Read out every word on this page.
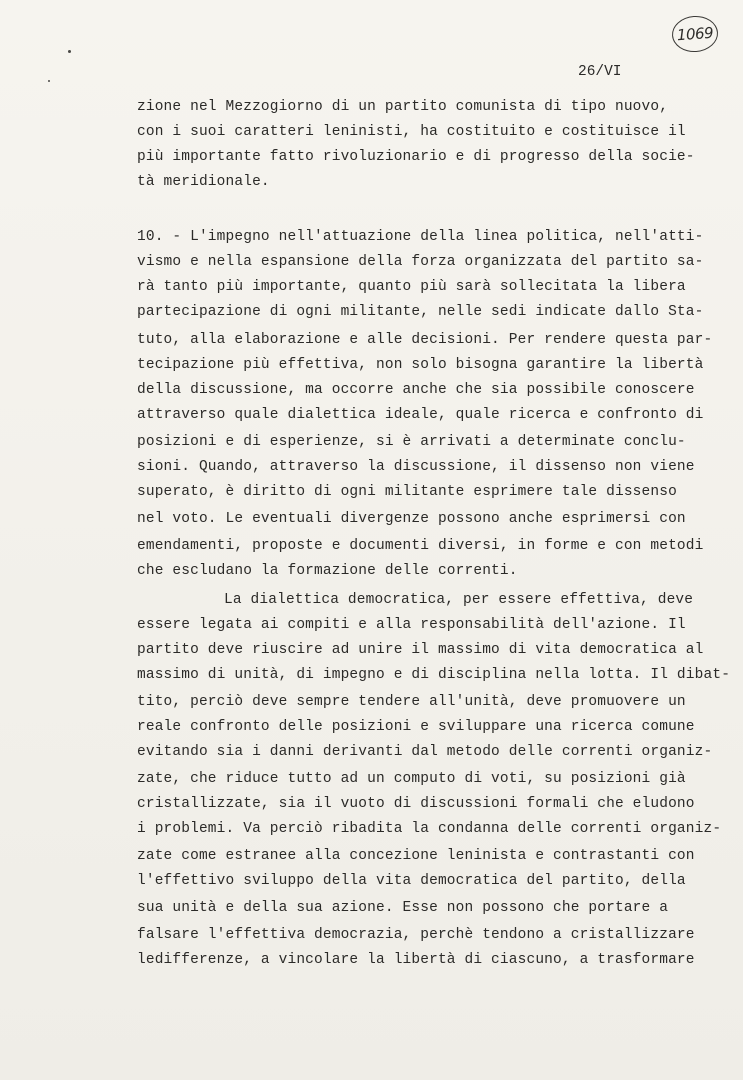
1069
26/VI
zione nel Mezzogiorno di un partito comunista di tipo nuovo,
con i suoi caratteri leninisti, ha costituito e costituisce il
più importante fatto rivoluzionario e di progresso della socie-
tà meridionale.
10. - L'impegno nell'attuazione della linea politica, nell'atti-
vismo e nella espansione della forza organizzata del partito sa-
rà tanto più importante, quanto più sarà sollecitata la libera
partecipazione di ogni militante, nelle sedi indicate dallo Sta-
tuto, alla elaborazione e alle decisioni. Per rendere questa par-
tecipazione più effettiva, non solo bisogna garantire la libertà
della discussione, ma occorre anche che sia possibile conoscere
attraverso quale dialettica ideale, quale ricerca e confronto di
posizioni e di esperienze, si è arrivati a determinate conclu-
sioni. Quando, attraverso la discussione, il dissenso non viene
superato, è diritto di ogni militante esprimere tale dissenso
nel voto. Le eventuali divergenze possono anche esprimersi con
emendamenti, proposte e documenti diversi, in forme e con metodi
che escludano la formazione delle correnti.
La dialettica democratica, per essere effettiva, deve
essere legata ai compiti e alla responsabilità dell'azione. Il
partito deve riuscire ad unire il massimo di vita democratica al
massimo di unità, di impegno e di disciplina nella lotta. Il dibat-
tito, perciò deve sempre tendere all'unità, deve promuovere un
reale confronto delle posizioni e sviluppare una ricerca comune
evitando sia i danni derivanti dal metodo delle correnti organiz-
zate, che riduce tutto ad un computo di voti, su posizioni già
cristallizzate, sia il vuoto di discussioni formali che eludono
i problemi. Va perciò ribadita la condanna delle correnti organiz-
zate come estranee alla concezione leninista e contrastanti con
l'effettivo sviluppo della vita democratica del partito, della
sua unità e della sua azione. Esse non possono che portare a
falsare l'effettiva democrazia, perchè tendono a cristallizzare
ledifferenze, a vincolare la libertà di ciascuno, a trasformare
